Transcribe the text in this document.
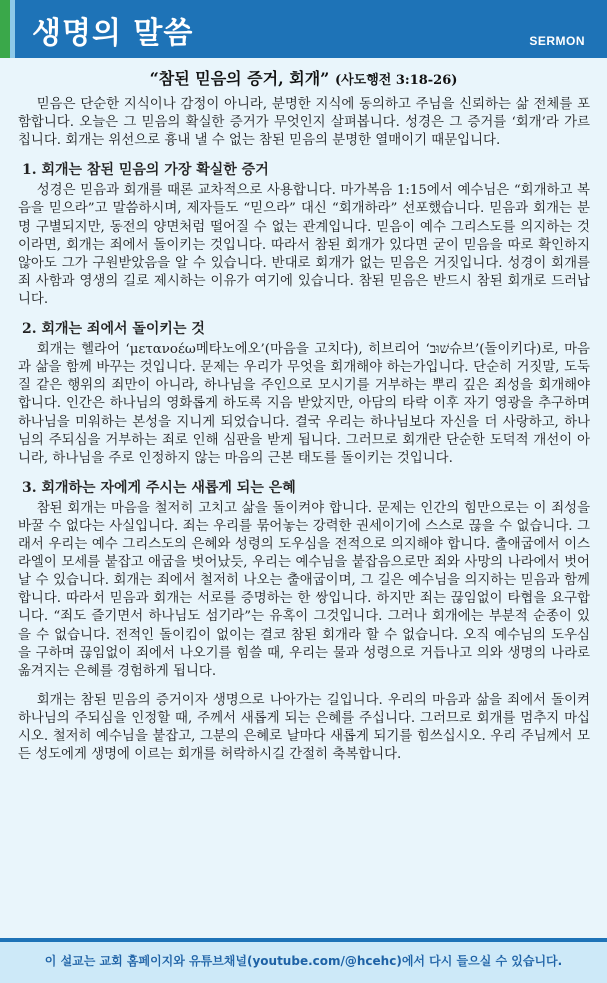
생명의 말씀	SERMON
“참된 믿음의 증거, 회개” (사도행전 3:18-26)

믿음은 단순한 지식이나 감정이 아니라, 분명한 지식에 동의하고 주님을 신뢰하는 삶 전체를 포함합니다. 오늘은 그 믿음의 확실한 증거가 무엇인지 살펴봅니다. 성경은 그 증거를 ‘회개’라 가르칩니다. 회개는 위선으로 흉내 낼 수 없는 참된 믿음의 분명한 열매이기 때문입니다.

1. 회개는 참된 믿음의 가장 확실한 증거

성경은 믿음과 회개를 때론 교차적으로 사용합니다. 마가복음 1:15에서 예수님은 “회개하고 복음을 믿으라”고 말씀하시며, 제자들도 “믿으라” 대신 “회개하라” 선포했습니다. 믿음과 회개는 분명 구별되지만, 동전의 양면처럼 떨어질 수 없는 관계입니다. 믿음이 예수 그리스도를 의지하는 것이라면, 회개는 죄에서 돌이키는 것입니다. 따라서 참된 회개가 있다면 굳이 믿음을 따로 확인하지 않아도 그가 구원받았음을 알 수 있습니다. 반대로 회개가 없는 믿음은 거짓입니다. 성경이 회개를 죄 사함과 영생의 길로 제시하는 이유가 여기에 있습니다. 참된 믿음은 반드시 참된 회개로 드러납니다.

2. 회개는 죄에서 돌이키는 것

회개는 헬라어 ‘μετανοέω메타노에오’(마음을 고치다), 히브리어 ‘שׁוּב슈브’(돌이키다)로, 마음과 삶을 함께 바꾸는 것입니다. 문제는 우리가 무엇을 회개해야 하는가입니다. 단순히 거짓말, 도둑질 같은 행위의 죄만이 아니라, 하나님을 주인으로 모시기를 거부하는 뿌리 깊은 죄성을 회개해야 합니다. 인간은 하나님의 영화롭게 하도록 지음 받았지만, 아담의 타락 이후 자기 영광을 추구하며 하나님을 미워하는 본성을 지니게 되었습니다. 결국 우리는 하나님보다 자신을 더 사랑하고, 하나님의 주되심을 거부하는 죄로 인해 심판을 받게 됩니다. 그러므로 회개란 단순한 도덕적 개선이 아니라, 하나님을 주로 인정하지 않는 마음의 근본 태도를 돌이키는 것입니다.

3. 회개하는 자에게 주시는 새롭게 되는 은혜

참된 회개는 마음을 철저히 고치고 삶을 돌이켜야 합니다. 문제는 인간의 힘만으로는 이 죄성을 바꿀 수 없다는 사실입니다. 죄는 우리를 묶어놓는 강력한 권세이기에 스스로 끊을 수 없습니다. 그래서 우리는 예수 그리스도의 은혜와 성령의 도우심을 전적으로 의지해야 합니다. 출애굽에서 이스라엘이 모세를 붙잡고 애굽을 벗어났듯, 우리는 예수님을 붙잡음으로만 죄와 사망의 나라에서 벗어날 수 있습니다. 회개는 죄에서 철저히 나오는 출애굽이며, 그 길은 예수님을 의지하는 믿음과 함께합니다. 따라서 믿음과 회개는 서로를 증명하는 한 쌍입니다. 하지만 죄는 끊임없이 타협을 요구합니다. “죄도 즐기면서 하나님도 섬기라”는 유혹이 그것입니다. 그러나 회개에는 부분적 순종이 있을 수 없습니다. 전적인 돌이킴이 없이는 결코 참된 회개라 할 수 없습니다. 오직 예수님의 도우심을 구하며 끊임없이 죄에서 나오기를 힘쓸 때, 우리는 물과 성령으로 거듭나고 의와 생명의 나라로 옮겨지는 은혜를 경험하게 됩니다.

회개는 참된 믿음의 증거이자 생명으로 나아가는 길입니다. 우리의 마음과 삶을 죄에서 돌이켜 하나님의 주되심을 인정할 때, 주께서 새롭게 되는 은혜를 주십니다. 그러므로 회개를 멈추지 마십시오. 철저히 예수님을 붙잡고, 그분의 은혜로 날마다 새롭게 되기를 힘쓰십시오. 우리 주님께서 모든 성도에게 생명에 이르는 회개를 허락하시길 간절히 축복합니다.

이 설교는 교회 홈페이지와 유튜브채널(youtube.com/@hcehc)에서 다시 들으실 수 있습니다.
